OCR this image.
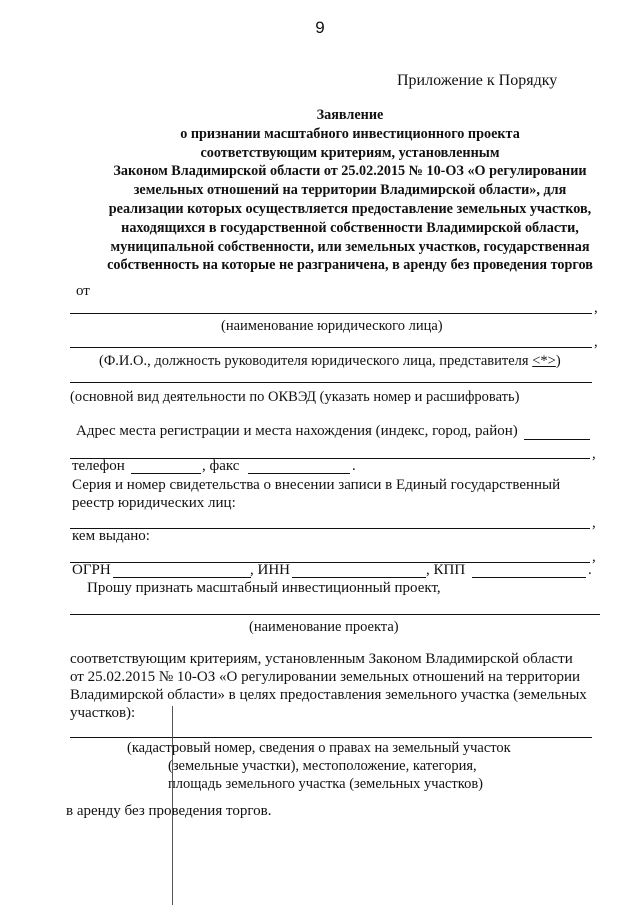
9
Приложение к Порядку
Заявление
о признании масштабного инвестиционного проекта
соответствующим критериям, установленным
Законом Владимирской области от 25.02.2015 № 10-ОЗ «О регулировании
земельных отношений на территории Владимирской области», для
реализации которых осуществляется предоставление земельных участков,
находящихся в государственной собственности Владимирской области,
муниципальной собственности, или земельных участков, государственная
собственность на которые не разграничена, в аренду без проведения торгов
от
,
(наименование юридического лица)
,
(Ф.И.О., должность руководителя юридического лица, представителя <*>)
(основной вид деятельности по ОКВЭД (указать номер и расшифровать)
Адрес места регистрации и места нахождения (индекс, город, район)
,
телефон	, факс	.
Серия и номер свидетельства о внесении записи в Единый государственный
реестр юридических лиц:
,
кем выдано:
,
ОГРН	, ИНН	, КПП	.
Прошу признать масштабный инвестиционный проект,
(наименование проекта)
соответствующим критериям, установленным Законом Владимирской области
от 25.02.2015 № 10-ОЗ «О регулировании земельных отношений на территории
Владимирской области» в целях предоставления земельного участка (земельных
участков):
(кадастровый номер, сведения о правах на земельный участок
(земельные участки), местоположение, категория,
площадь земельного участка (земельных участков)
в аренду без проведения торгов.
